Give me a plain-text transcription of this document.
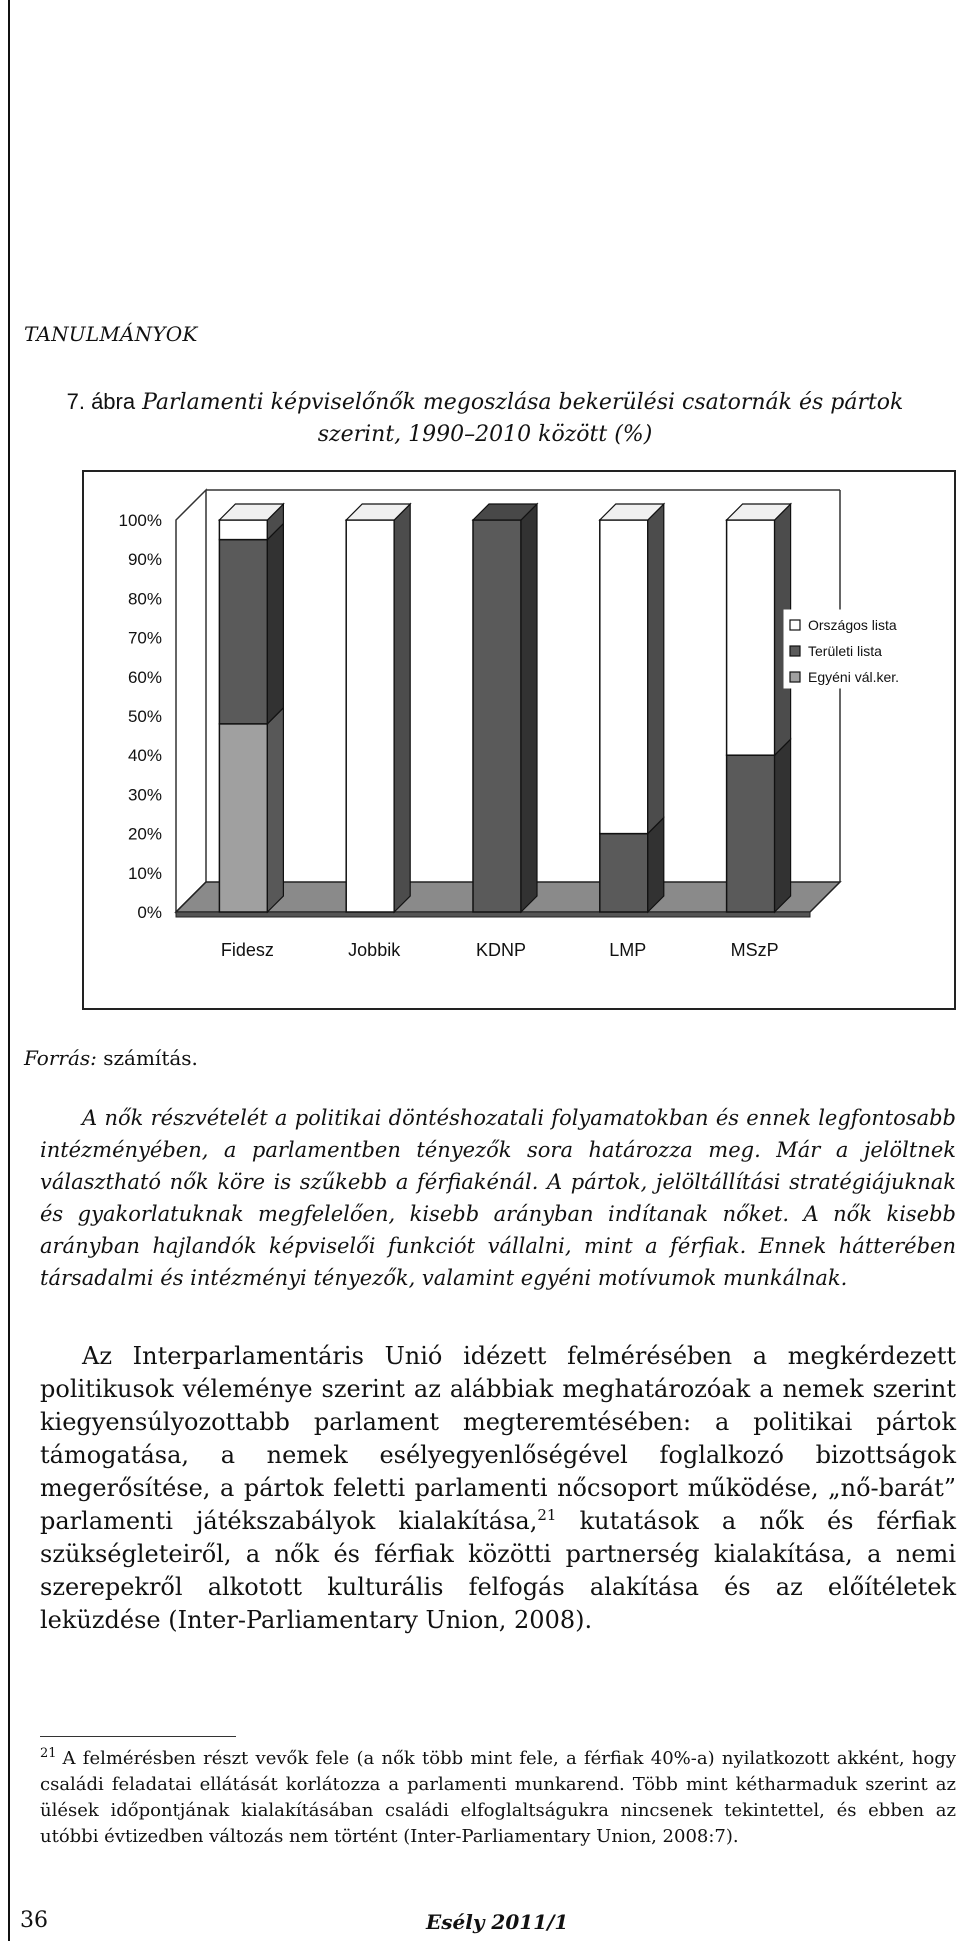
TANULMÁNYOK
7. ábra Parlamenti képviselőnők megoszlása bekerülési csatornák és pártok szerint, 1990–2010 között (%)
0%
10%
20%
30%
40%
50%
60%
70%
80%
90%
100%
Fidesz	Jobbik	KDNP	LMP	MSzP
Országos lista
Területi lista
Egyéni vál.ker.
Forrás: számítás.

A nők részvételét a politikai döntéshozatali folyamatokban és ennek legfontosabb intézményében, a parlamentben tényezők sora határozza meg. Már a jelöltnek választható nők köre is szűkebb a férfiakénál. A pártok, jelöltállítási stratégiájuknak és gyakorlatuknak megfelelően, kisebb arányban indítanak nőket. A nők kisebb arányban hajlandók képviselői funkciót vállalni, mint a férfiak. Ennek hátterében társadalmi és intézményi tényezők, valamint egyéni motívumok munkálnak.

Az Interparlamentáris Unió idézett felmérésében a megkérdezett politikusok véleménye szerint az alábbiak meghatározóak a nemek szerint kiegyensúlyozottabb parlament megteremtésében: a politikai pártok támogatása, a nemek esélyegyenlőségével foglalkozó bizottságok megerősítése, a pártok feletti parlamenti nőcsoport működése, „nő-barát” parlamenti játékszabályok kialakítása,$^{21}$ kutatások a nők és férfiak szükségleteiről, a nők és férfiak közötti partnerség kialakítása, a nemi szerepekről alkotott kulturális felfogás alakítása és az előítéletek leküzdése (Inter-Parliamentary Union, 2008).

$^{21}$ A felmérésben részt vevők fele (a nők több mint fele, a férfiak 40%-a) nyilatkozott akként, hogy családi feladatai ellátását korlátozza a parlamenti munkarend. Több mint kétharmaduk szerint az ülések időpontjának kialakításában családi elfoglaltságukra nincsenek tekintettel, és ebben az utóbbi évtizedben változás nem történt (Inter-Parliamentary Union, 2008:7).

36	Esély 2011/1
